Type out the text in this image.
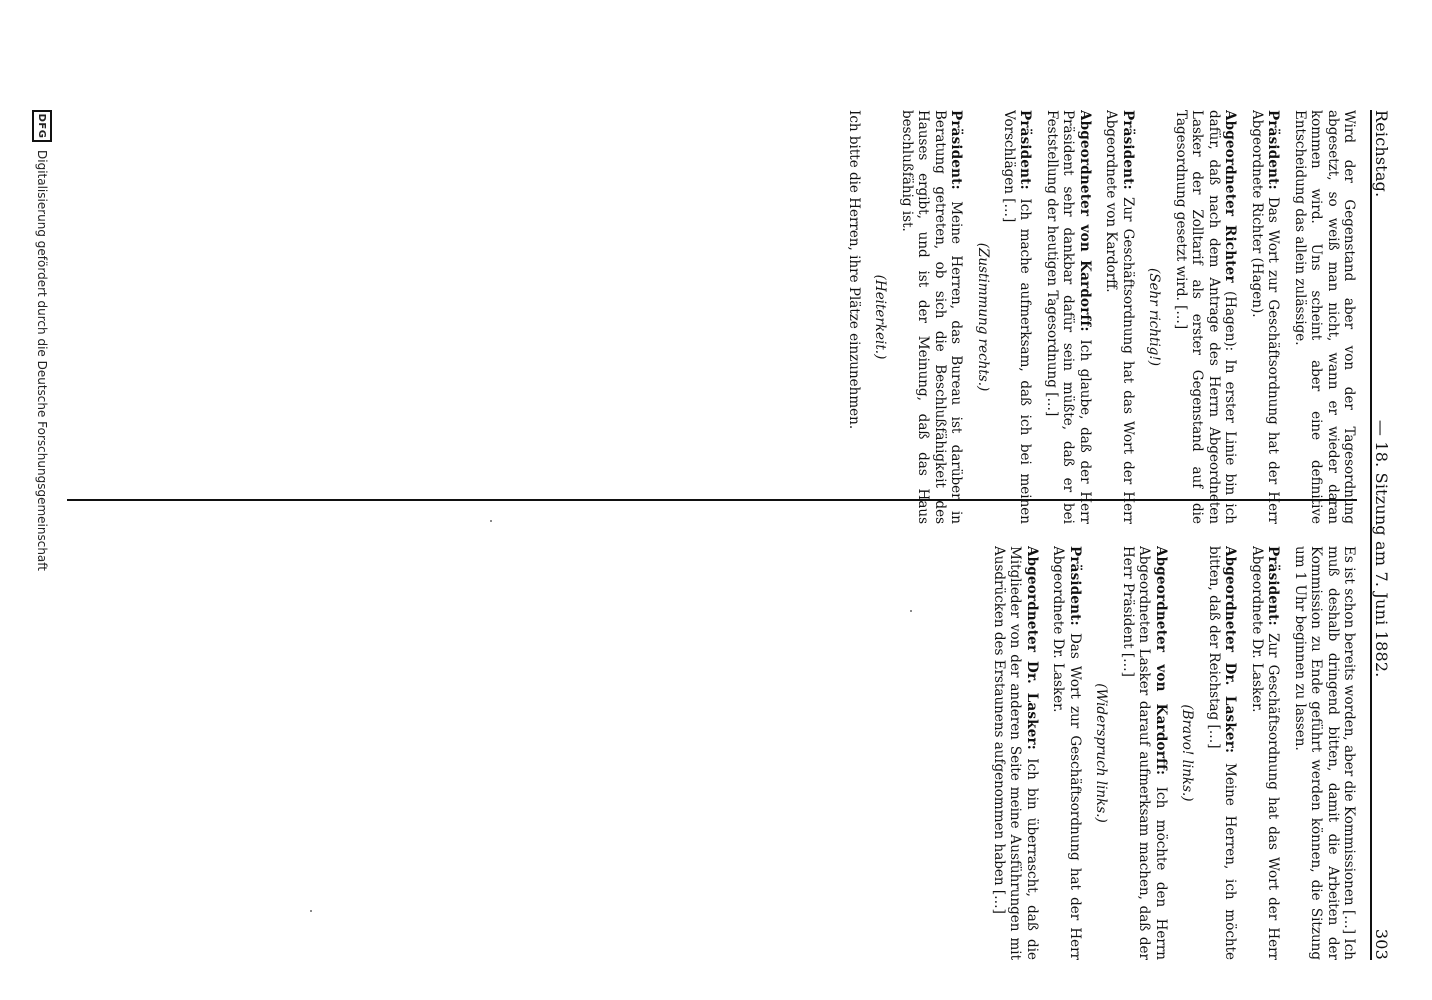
Reichstag.
— 18. Sitzung am 7. Juni 1882.
303

Wird der Gegenstand aber von der Tagesordnung abgesetzt, so weiß man nicht, wann er wieder daran kommen wird. Uns scheint aber eine definitive Entscheidung das allein zulässige.

Präsident: Das Wort zur Geschäftsordnung hat der Herr Abgeordnete Richter (Hagen).

Abgeordneter Richter (Hagen): In erster Linie bin ich dafür, daß nach dem Antrage des Herrn Abgeordneten Lasker der Zolltarif als erster Gegenstand auf die Tagesordnung gesetzt wird. […]

(Sehr richtig!)

Präsident: Zur Geschäftsordnung hat das Wort der Herr Abgeordnete von Kardorff.

Abgeordneter von Kardorff: Ich glaube, daß der Herr Präsident sehr dankbar dafür sein müßte, daß er bei Feststellung der heutigen Tagesordnung […]

Präsident: Ich mache aufmerksam, daß ich bei meinen Vorschlägen […]

(Zustimmung rechts.)

Präsident: Meine Herren, das Bureau ist darüber in Beratung getreten, ob sich die Beschlußfähigkeit des Hauses ergibt, und ist der Meinung, daß das Haus beschlußfähig ist.

(Heiterkeit.)

Ich bitte die Herren, ihre Plätze einzunehmen.

Es ist schon bereits worden, aber die Kommissionen […] Ich muß deshalb dringend bitten, damit die Arbeiten der Kommission zu Ende geführt werden können, die Sitzung um 1 Uhr beginnen zu lassen.

Präsident: Zur Geschäftsordnung hat das Wort der Herr Abgeordnete Dr. Lasker.

Abgeordneter Dr. Lasker: Meine Herren, ich möchte bitten, daß der Reichstag […]

(Bravo! links.)

Abgeordneter von Kardorff: Ich möchte den Herrn Abgeordneten Lasker darauf aufmerksam machen, daß der Herr Präsident […]

(Widerspruch links.)

Präsident: Das Wort zur Geschäftsordnung hat der Herr Abgeordnete Dr. Lasker.

Abgeordneter Dr. Lasker: Ich bin überrascht, daß die Mitglieder von der anderen Seite meine Ausführungen mit Ausdrücken des Erstaunens aufgenommen haben […]

DFG
Digitalisierung gefördert durch die Deutsche Forschungsgemeinschaft
